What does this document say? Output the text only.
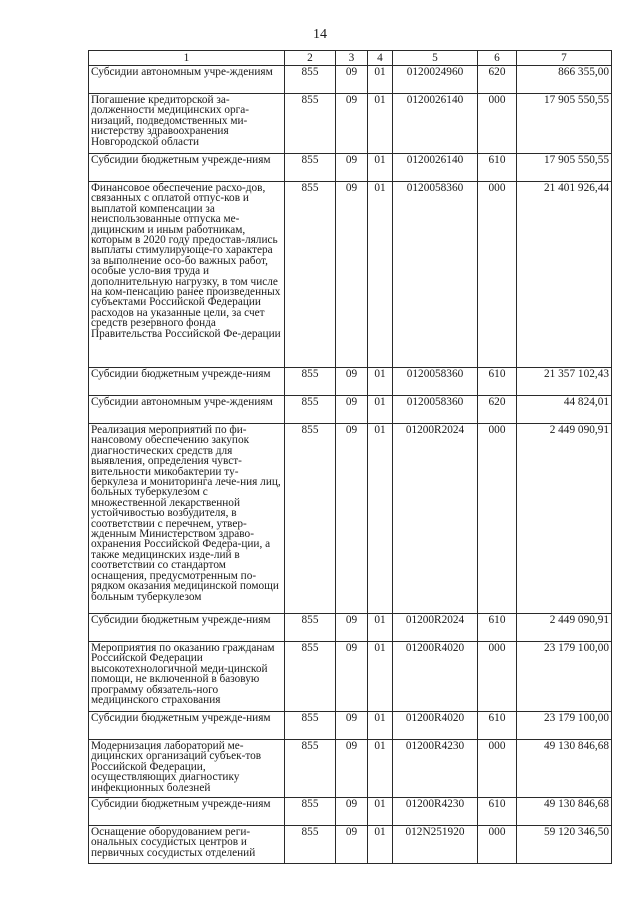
14
1	2	3	4	5	6	7
Субсидии автономным учре-ждениям	855	09	01	0120024960	620	866 355,00
Погашение кредиторской за-долженности медицинских орга-низаций, подведомственных ми-нистерству здравоохранения Новгородской области	855	09	01	0120026140	000	17 905 550,55
Субсидии бюджетным учрежде-ниям	855	09	01	0120026140	610	17 905 550,55
Финансовое обеспечение расхо-дов, связанных с оплатой отпус-ков и выплатой компенсации за неиспользованные отпуска ме-дицинским и иным работникам, которым в 2020 году предостав-лялись выплаты стимулирующе-го характера за выполнение осо-бо важных работ, особые усло-вия труда и дополнительную нагрузку, в том числе на ком-пенсацию ранее произведенных субъектами Российской Федерации расходов на указанные цели, за счет средств резервного фонда Правительства Российской Фе-дерации	855	09	01	0120058360	000	21 401 926,44
Субсидии бюджетным учрежде-ниям	855	09	01	0120058360	610	21 357 102,43
Субсидии автономным учре-ждениям	855	09	01	0120058360	620	44 824,01
Реализация мероприятий по фи-нансовому обеспечению закупок диагностических средств для выявления, определения чувст-вительности микобактерии ту-беркулеза и мониторинга лече-ния лиц, больных туберкулезом с множественной лекарственной устойчивостью возбудителя, в соответствии с перечнем, утвер-жденным Министерством здраво-охранения Российской Федера-ции, а также медицинских изде-лий в соответствии со стандартом оснащения, предусмотренным по-рядком оказания медицинской помощи больным туберкулезом	855	09	01	01200R2024	000	2 449 090,91
Субсидии бюджетным учрежде-ниям	855	09	01	01200R2024	610	2 449 090,91
Мероприятия по оказанию гражданам Российской Федерации высокотехнологичной меди-цинской помощи, не включенной в базовую программу обязатель-ного медицинского страхования	855	09	01	01200R4020	000	23 179 100,00
Субсидии бюджетным учрежде-ниям	855	09	01	01200R4020	610	23 179 100,00
Модернизация лабораторий ме-дицинских организаций субъек-тов Российской Федерации, осуществляющих диагностику инфекционных болезней	855	09	01	01200R4230	000	49 130 846,68
Субсидии бюджетным учрежде-ниям	855	09	01	01200R4230	610	49 130 846,68
Оснащение оборудованием реги-ональных сосудистых центров и первичных сосудистых отделений	855	09	01	012N251920	000	59 120 346,50
